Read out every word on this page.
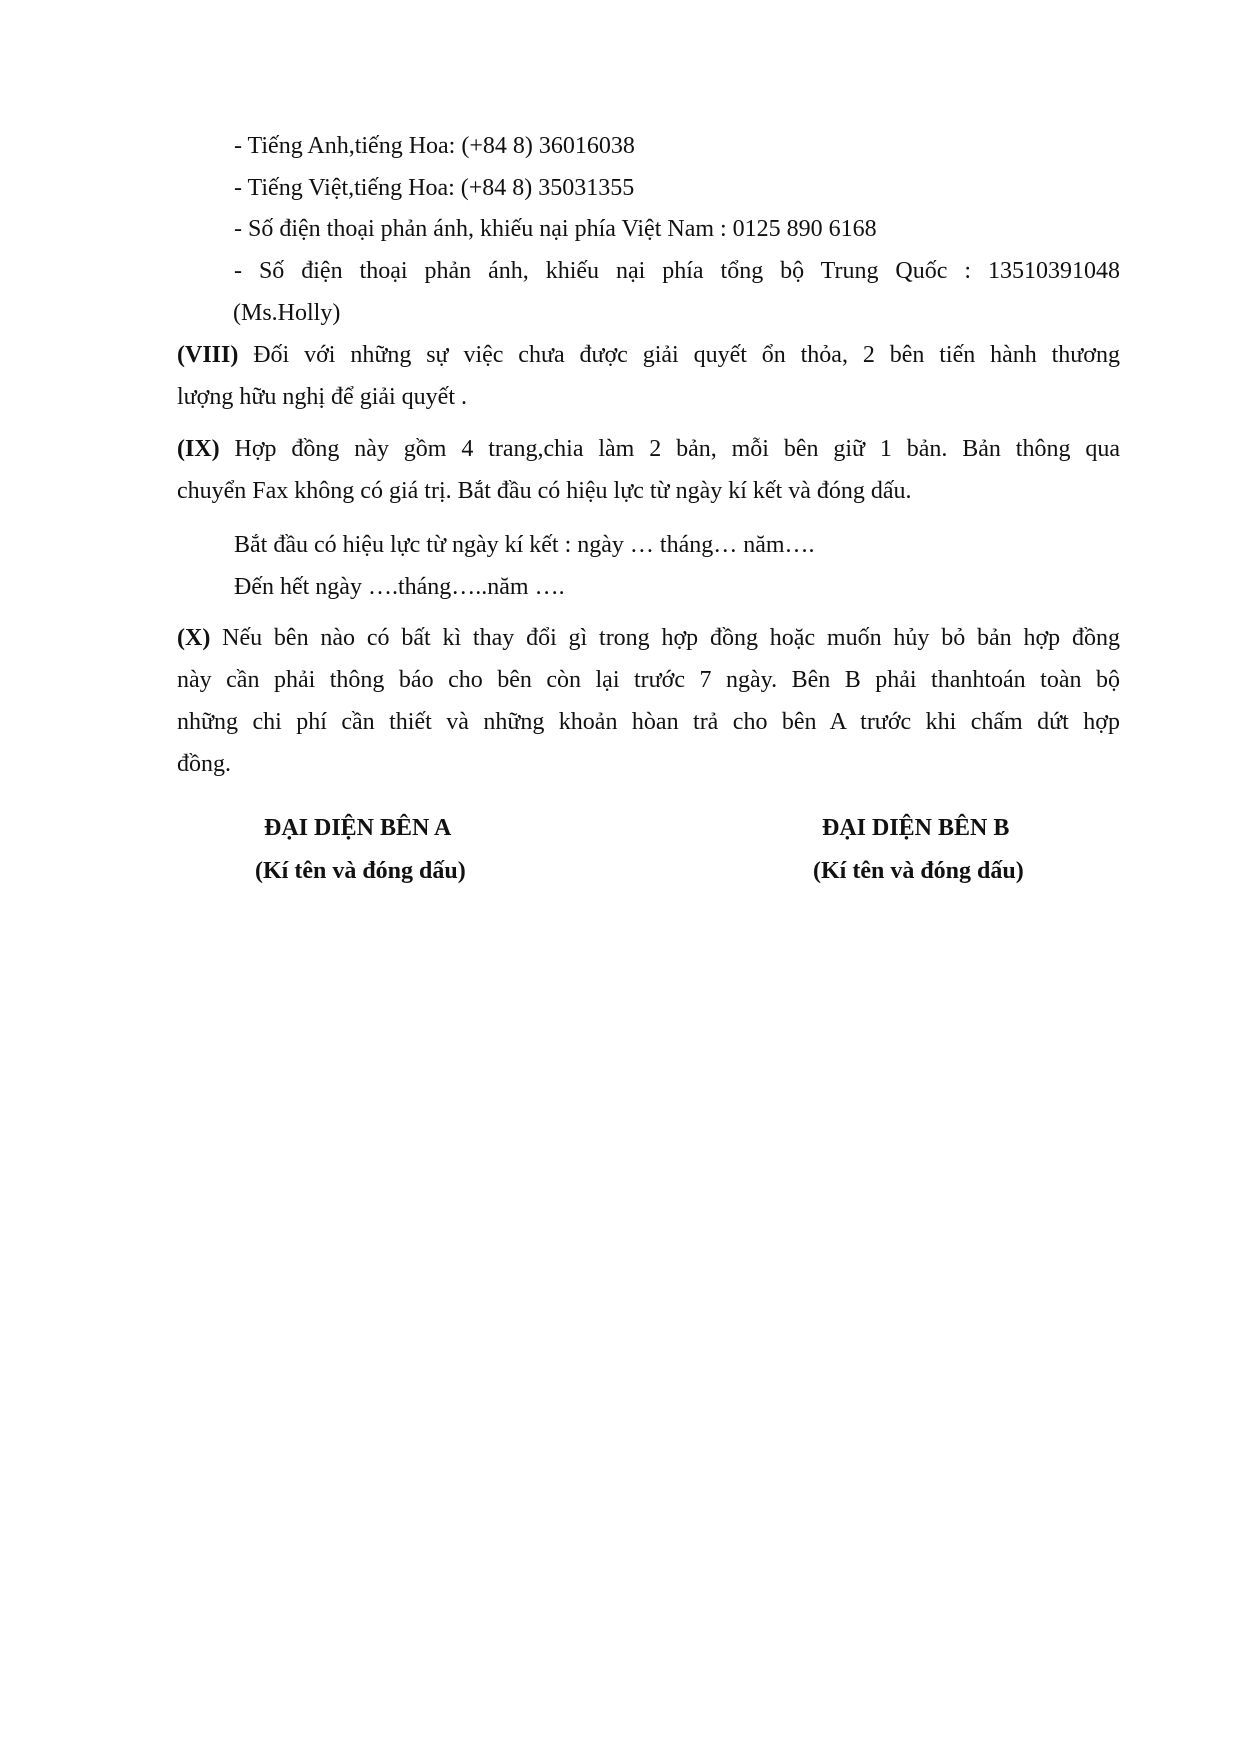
- Tiếng Anh,tiếng Hoa: (+84 8) 36016038
- Tiếng Việt,tiếng Hoa: (+84 8) 35031355
- Số điện thoại phản ánh, khiếu nại phía Việt Nam : 0125 890 6168
- Số điện thoại phản ánh, khiếu nại phía tổng bộ Trung Quốc : 13510391048
(Ms.Holly)
(VIII) Đối với những sự việc chưa được giải quyết ổn thỏa, 2 bên tiến hành thương
lượng hữu nghị để giải quyết .
(IX) Hợp đồng này gồm 4 trang,chia làm 2 bản, mỗi bên giữ 1 bản. Bản thông qua
chuyển Fax không có giá trị. Bắt đầu có hiệu lực từ ngày kí kết và đóng dấu.
Bắt đầu có hiệu lực từ ngày kí kết : ngày … tháng… năm….
Đến hết ngày ….tháng…..năm ….
(X) Nếu bên nào có bất kì thay đổi gì trong hợp đồng hoặc muốn hủy bỏ bản hợp đồng
này cần phải thông báo cho bên còn lại trước 7 ngày. Bên B phải thanhtoán toàn bộ
những chi phí cần thiết và những khoản hòan trả cho bên A trước khi chấm dứt hợp
đồng.
ĐẠI DIỆN BÊN A
(Kí tên và đóng dấu)
ĐẠI DIỆN BÊN B
(Kí tên và đóng dấu)
